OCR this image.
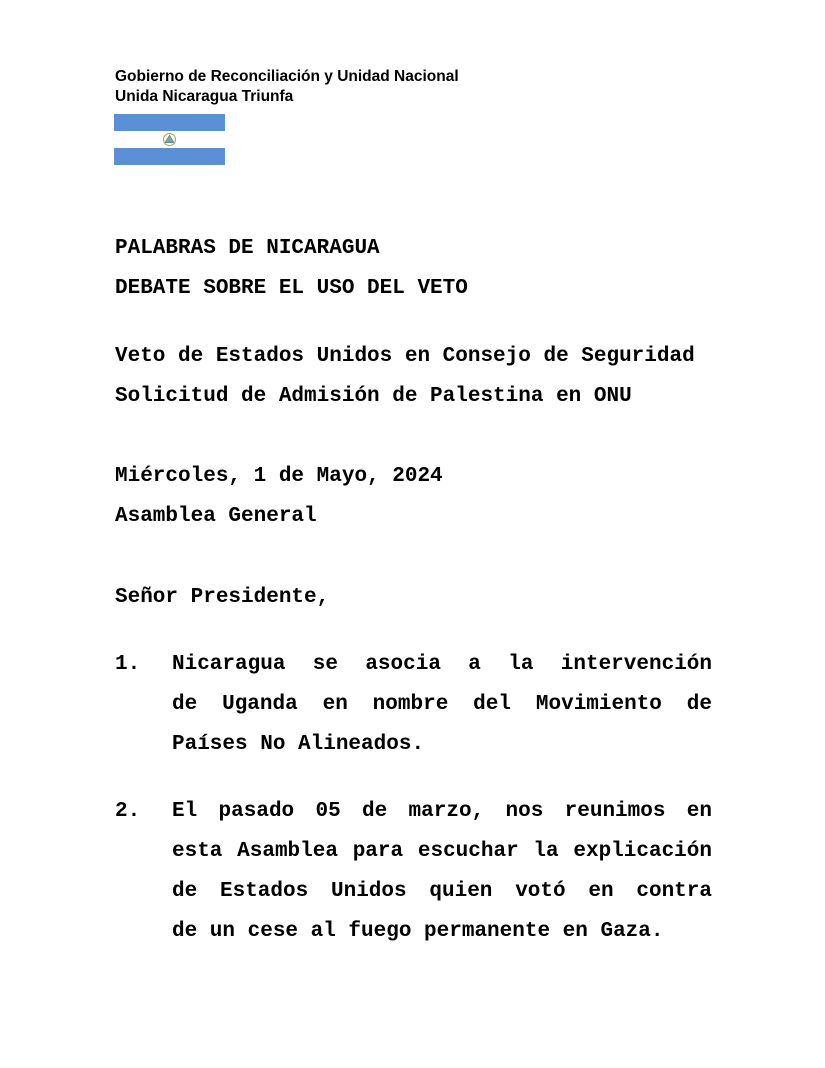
Gobierno de Reconciliación y Unidad Nacional
Unida Nicaragua Triunfa
PALABRAS DE NICARAGUA
DEBATE SOBRE EL USO DEL VETO
Veto de Estados Unidos en Consejo de Seguridad
Solicitud de Admisión de Palestina en ONU
Miércoles, 1 de Mayo, 2024
Asamblea General
Señor Presidente,
1. Nicaragua se asocia a la intervención
de Uganda en nombre del Movimiento de
Países No Alineados.
2. El pasado 05 de marzo, nos reunimos en
esta Asamblea para escuchar la explicación
de Estados Unidos quien votó en contra
de un cese al fuego permanente en Gaza.
